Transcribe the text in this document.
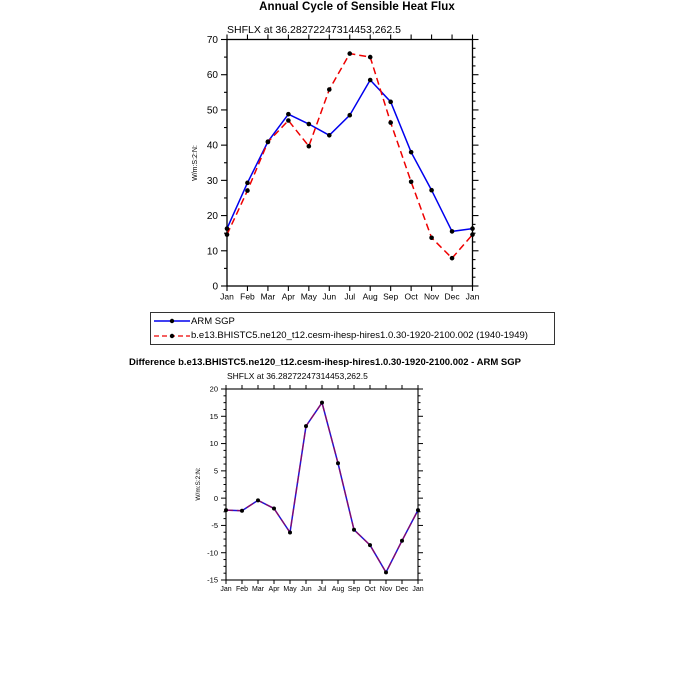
Annual Cycle of Sensible Heat Flux
SHFLX at 36.28272247314453,262.5
Jan Feb Mar Apr May Jun Jul Aug Sep Oct Nov Dec Jan
0
10
20
30
40
50
60
70
W/m:S:2:N:
ARM SGP
b.e13.BHISTC5.ne120_t12.cesm-ihesp-hires1.0.30-1920-2100.002 (1940-1949)
Difference b.e13.BHISTC5.ne120_t12.cesm-ihesp-hires1.0.30-1920-2100.002 - ARM SGP
SHFLX at 36.28272247314453,262.5
Jan Feb Mar Apr May Jun Jul Aug Sep Oct Nov Dec Jan
-15
-10
-5
0
5
10
15
20
W/m:S:2:N:
